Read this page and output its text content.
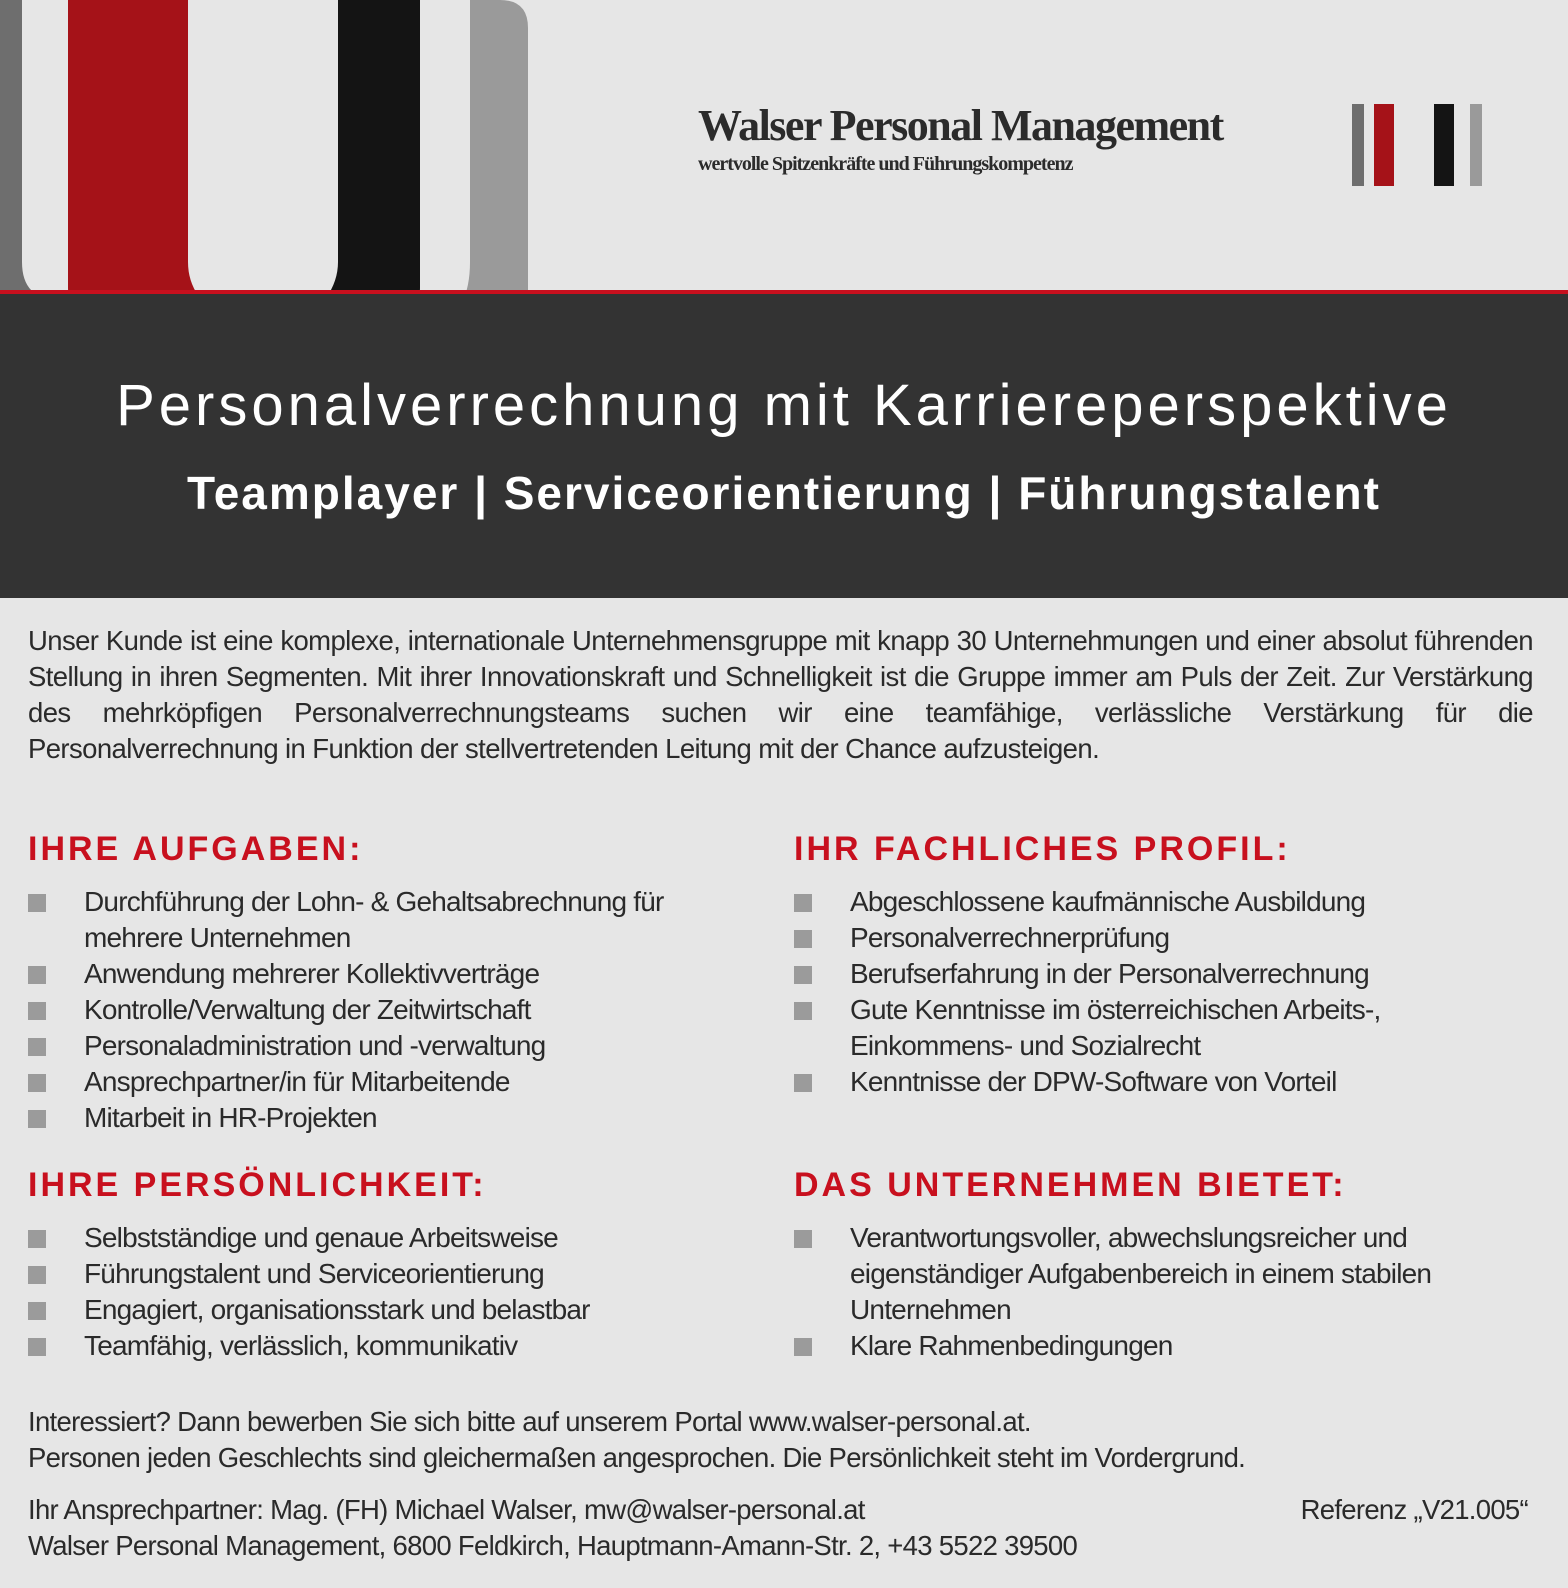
Walser Personal Management
wertvolle Spitzenkräfte und Führungskompetenz
Personalverrechnung mit Karriereperspektive
Teamplayer | Serviceorientierung | Führungstalent
Unser Kunde ist eine komplexe, internationale Unternehmensgruppe mit knapp 30 Unternehmungen und einer absolut führenden Stellung in ihren Segmenten. Mit ihrer Innovationskraft und Schnelligkeit ist die Gruppe immer am Puls der Zeit. Zur Verstärkung des mehrköpfigen Personalverrechnungsteams suchen wir eine teamfähige, verlässliche Verstärkung für die Personalverrechnung in Funktion der stellvertretenden Leitung mit der Chance aufzusteigen.
IHRE AUFGABEN:
Durchführung der Lohn- & Gehaltsabrechnung für mehrere Unternehmen
Anwendung mehrerer Kollektivverträge
Kontrolle/Verwaltung der Zeitwirtschaft
Personaladministration und -verwaltung
Ansprechpartner/in für Mitarbeitende
Mitarbeit in HR-Projekten
IHR FACHLICHES PROFIL:
Abgeschlossene kaufmännische Ausbildung
Personalverrechnerprüfung
Berufserfahrung in der Personalverrechnung
Gute Kenntnisse im österreichischen Arbeits-, Einkommens- und Sozialrecht
Kenntnisse der DPW-Software von Vorteil
IHRE PERSÖNLICHKEIT:
Selbstständige und genaue Arbeitsweise
Führungstalent und Serviceorientierung
Engagiert, organisationsstark und belastbar
Teamfähig, verlässlich, kommunikativ
DAS UNTERNEHMEN BIETET:
Verantwortungsvoller, abwechslungsreicher und eigenständiger Aufgabenbereich in einem stabilen Unternehmen
Klare Rahmenbedingungen
Interessiert? Dann bewerben Sie sich bitte auf unserem Portal www.walser-personal.at.
Personen jeden Geschlechts sind gleichermaßen angesprochen. Die Persönlichkeit steht im Vordergrund.
Ihr Ansprechpartner: Mag. (FH) Michael Walser, mw@walser-personal.at	Referenz „V21.005“
Walser Personal Management, 6800 Feldkirch, Hauptmann-Amann-Str. 2, +43 5522 39500
